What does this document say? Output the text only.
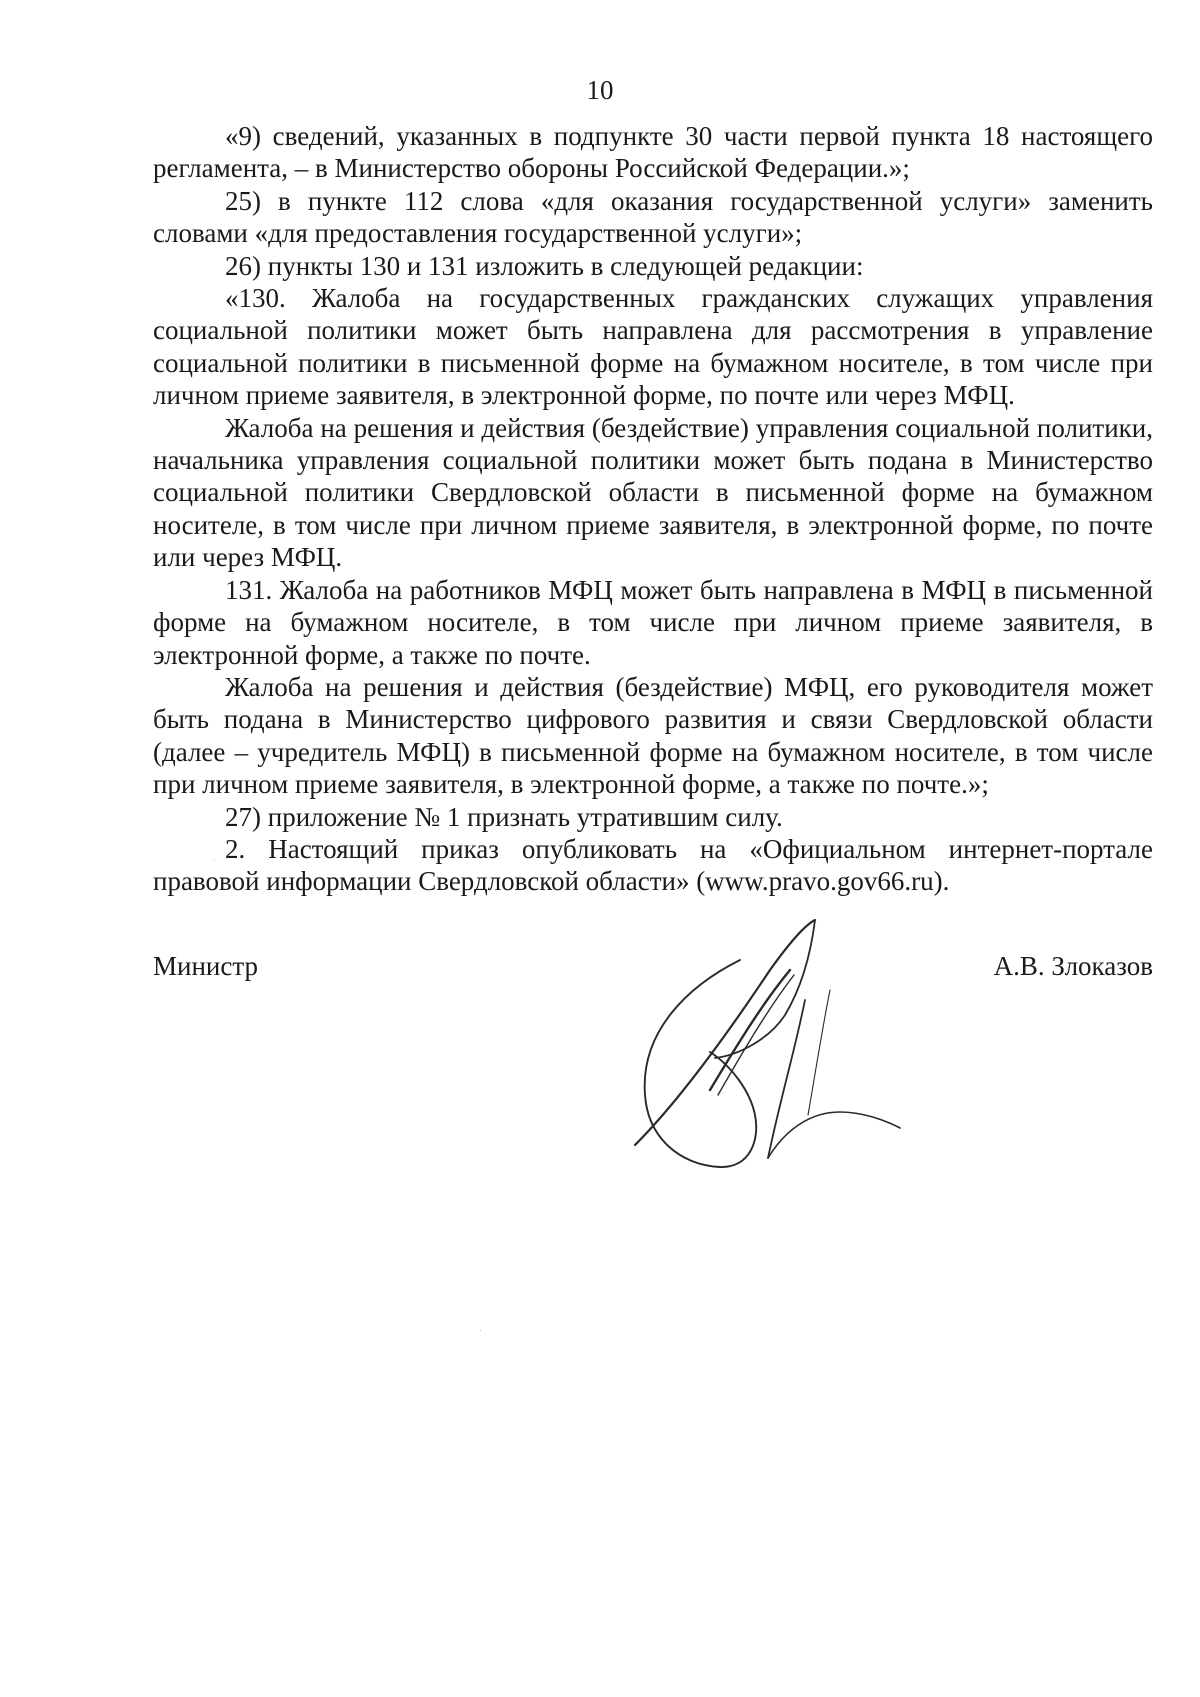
10

«9) сведений, указанных в подпункте 30 части первой пункта 18 настоящего регламента, – в Министерство обороны Российской Федерации.»;

25) в пункте 112 слова «для оказания государственной услуги» заменить словами «для предоставления государственной услуги»;

26) пункты 130 и 131 изложить в следующей редакции:

«130. Жалоба на государственных гражданских служащих управления социальной политики может быть направлена для рассмотрения в управление социальной политики в письменной форме на бумажном носителе, в том числе при личном приеме заявителя, в электронной форме, по почте или через МФЦ.

Жалоба на решения и действия (бездействие) управления социальной политики, начальника управления социальной политики может быть подана в Министерство социальной политики Свердловской области в письменной форме на бумажном носителе, в том числе при личном приеме заявителя, в электронной форме, по почте или через МФЦ.

131. Жалоба на работников МФЦ может быть направлена в МФЦ в письменной форме на бумажном носителе, в том числе при личном приеме заявителя, в электронной форме, а также по почте.

Жалоба на решения и действия (бездействие) МФЦ, его руководителя может быть подана в Министерство цифрового развития и связи Свердловской области (далее – учредитель МФЦ) в письменной форме на бумажном носителе, в том числе при личном приеме заявителя, в электронной форме, а также по почте.»;

27) приложение № 1 признать утратившим силу.

2. Настоящий приказ опубликовать на «Официальном интернет-портале правовой информации Свердловской области» (www.pravo.gov66.ru).

Министр	А.В. Злоказов
